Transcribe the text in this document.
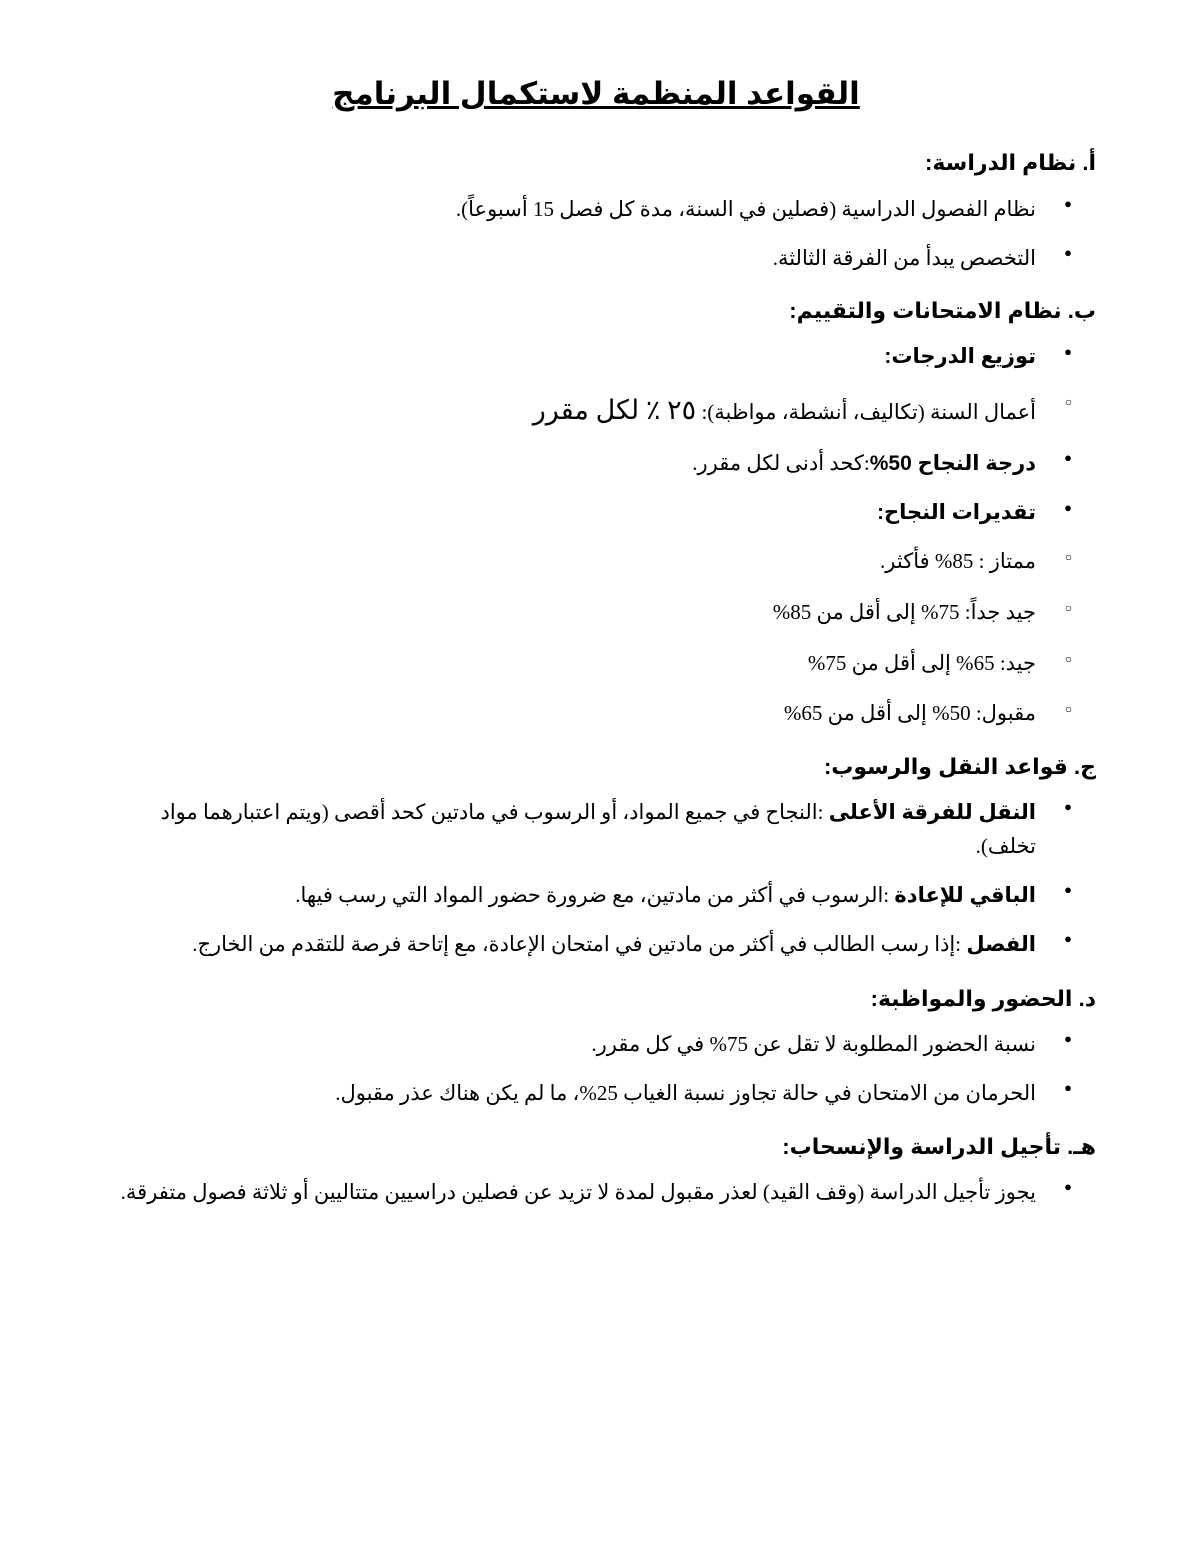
القواعد المنظمة لاستكمال البرنامج
أ. نظام الدراسة:
● نظام الفصول الدراسية (فصلين في السنة، مدة كل فصل 15 أسبوعاً).
● التخصص يبدأ من الفرقة الثالثة.
ب. نظام الامتحانات والتقييم:
● توزيع الدرجات:
○ أعمال السنة (تكاليف، أنشطة، مواظبة): ٢٥ ٪ لكل مقرر
● درجة النجاح 50%:كحد أدنى لكل مقرر.
● تقديرات النجاح:
○ ممتاز : 85% فأكثر.
○ جيد جداً: 75% إلى أقل من 85%
○ جيد: 65% إلى أقل من 75%
○ مقبول: 50% إلى أقل من 65%
ج. قواعد النقل والرسوب:
● النقل للفرقة الأعلى :النجاح في جميع المواد، أو الرسوب في مادتين كحد أقصى (ويتم اعتبارهما مواد تخلف).
● الباقي للإعادة :الرسوب في أكثر من مادتين، مع ضرورة حضور المواد التي رسب فيها.
● الفصل :إذا رسب الطالب في أكثر من مادتين في امتحان الإعادة، مع إتاحة فرصة للتقدم من الخارج.
د. الحضور والمواظبة:
● نسبة الحضور المطلوبة لا تقل عن 75% في كل مقرر.
● الحرمان من الامتحان في حالة تجاوز نسبة الغياب 25%، ما لم يكن هناك عذر مقبول.
هـ. تأجيل الدراسة والإنسحاب:
● يجوز تأجيل الدراسة (وقف القيد) لعذر مقبول لمدة لا تزيد عن فصلين دراسيين متتاليين أو ثلاثة فصول متفرقة.
